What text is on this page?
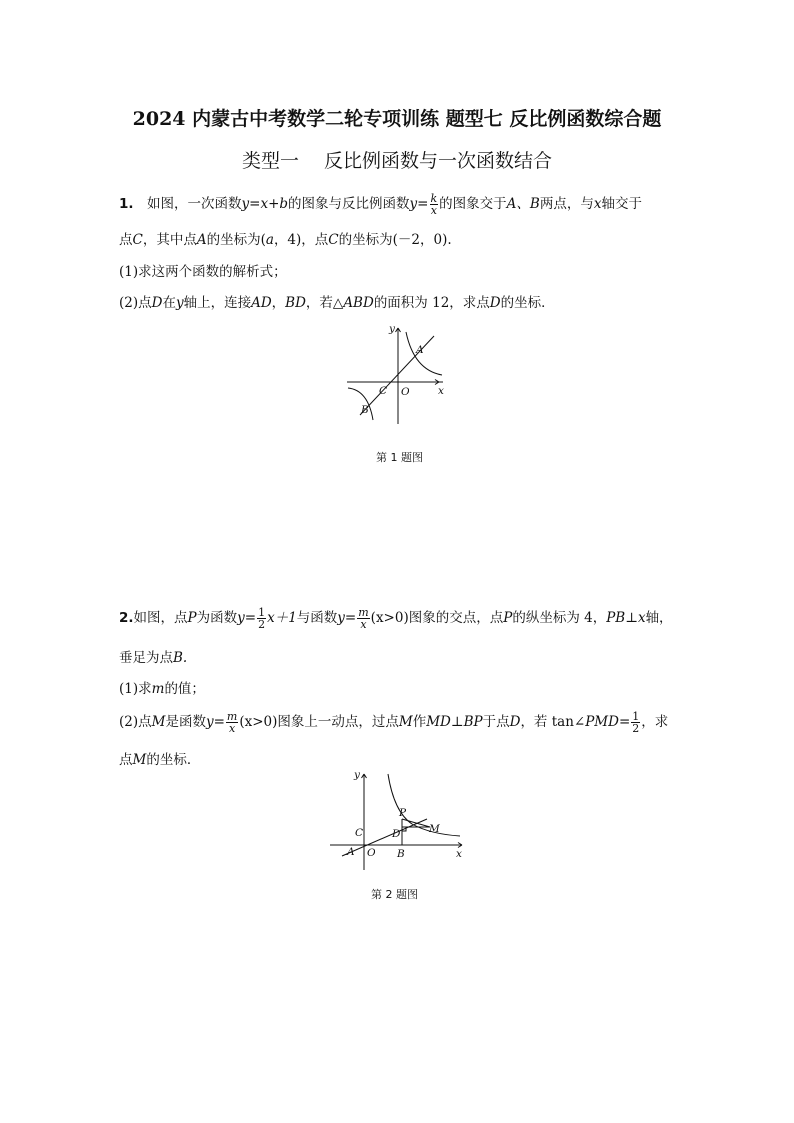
2024 内蒙古中考数学二轮专项训练 题型七 反比例函数综合题
类型一　 反比例函数与一次函数结合
1.　如图，一次函数y=x+b的图象与反比例函数$y= \frac{k}{x}$ 的图象交于A、B两点，与x轴交于
点C，其中点A的坐标为(a，4)，点C的坐标为(－2，0).
(1)求这两个函数的解析式；
(2)点D在y轴上，连接AD，BD，若△ABD的面积为 12，求点D的坐标．
y
x
A
B
C O
第 1 题图
2.如图，点P为函数$y= \frac{1}{2} x+1$与函数$y= \frac{m}{x} (x>0)$图象的交点，点P的纵坐标为 4，PB⊥x轴，
垂足为点B.
(1)求m的值；
(2)点M是函数$y= \frac{m}{x} (x>0)$图象上一动点，过点M作MD⊥BP于点D，若 tan∠PMD= $\frac{1}{2}$ ，求
点M的坐标．
y
x
P
M
D
C
A O B
第 2 题图
